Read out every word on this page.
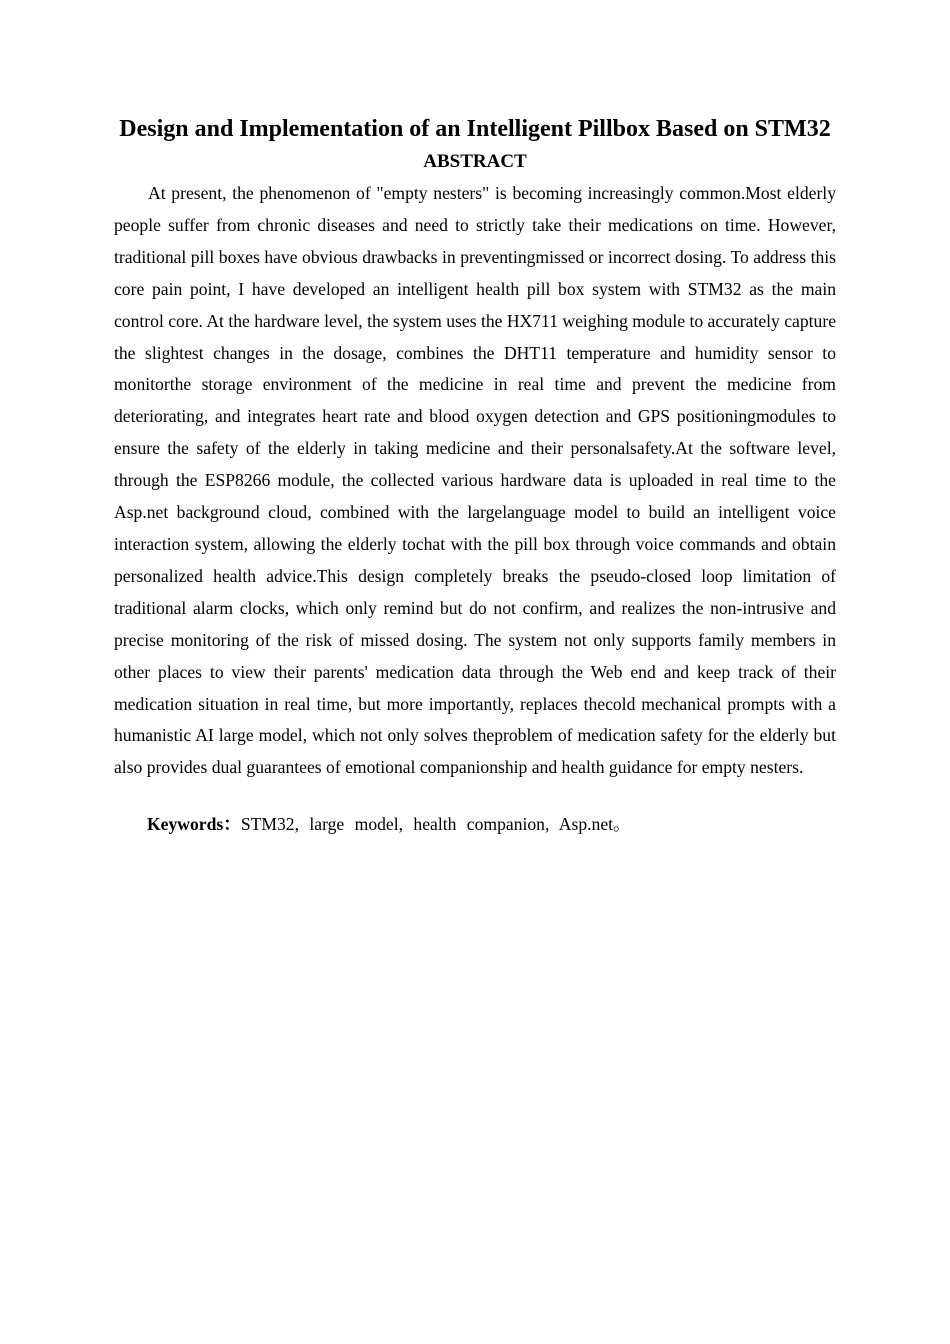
Design and Implementation of an Intelligent Pillbox Based on STM32
ABSTRACT

At present, the phenomenon of "empty nesters" is becoming increasingly common.Most elderly people suffer from chronic diseases and need to strictly take their medications on time. However, traditional pill boxes have obvious drawbacks in preventingmissed or incorrect dosing. To address this core pain point, I have developed an intelligent health pill box system with STM32 as the main control core. At the hardware level, the system uses the HX711 weighing module to accurately capture the slightest changes in the dosage, combines the DHT11 temperature and humidity sensor to monitorthe storage environment of the medicine in real time and prevent the medicine from deteriorating, and integrates heart rate and blood oxygen detection and GPS positioningmodules to ensure the safety of the elderly in taking medicine and their personalsafety.At the software level, through the ESP8266 module, the collected various hardware data is uploaded in real time to the Asp.net background cloud, combined with the largelanguage model to build an intelligent voice interaction system, allowing the elderly tochat with the pill box through voice commands and obtain personalized health advice.This design completely breaks the pseudo-closed loop limitation of traditional alarm clocks, which only remind but do not confirm, and realizes the non-intrusive and precise monitoring of the risk of missed dosing. The system not only supports family members in other places to view their parents' medication data through the Web end and keep track of their medication situation in real time, but more importantly, replaces thecold mechanical prompts with a humanistic AI large model, which not only solves theproblem of medication safety for the elderly but also provides dual guarantees of emotional companionship and health guidance for empty nesters.

Keywords：STM32, large model, health companion, Asp.net。
